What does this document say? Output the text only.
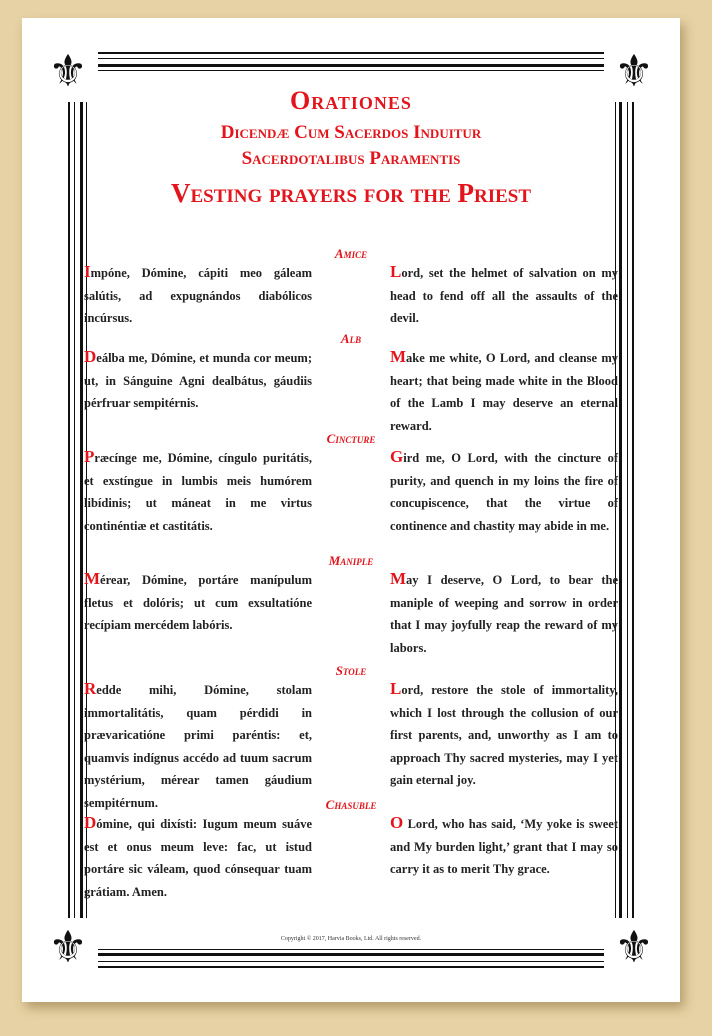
⚜	⚜
⚜	⚜
Orationes
Dicendæ Cum Sacerdos Induitur
Sacerdotalibus Paramentis
Vesting prayers for the Priest
Amice
Impóne, Dómine, cápiti meo gáleam salútis, ad expugnándos diabólicos incúrsus.
Lord, set the helmet of salvation on my head to fend off all the assaults of the devil.
Alb
Deálba me, Dómine, et munda cor meum; ut, in Sánguine Agni dealbátus, gáudiis pérfruar sempitérnis.
Make me white, O Lord, and cleanse my heart; that being made white in the Blood of the Lamb I may deserve an eternal reward.
Cincture
Præcínge me, Dómine, cíngulo puritátis, et exstíngue in lumbis meis humórem libídinis; ut máneat in me virtus continéntiæ et castitátis.
Gird me, O Lord, with the cincture of purity, and quench in my loins the fire of concupiscence, that the virtue of continence and chastity may abide in me.
Maniple
Mérear, Dómine, portáre manípulum fletus et dolóris; ut cum exsultatióne recípiam mercédem labóris.
May I deserve, O Lord, to bear the maniple of weeping and sorrow in order that I may joyfully reap the reward of my labors.
Stole
Redde mihi, Dómine, stolam immortalitátis, quam pérdidi in prævaricatióne primi paréntis: et, quamvis indígnus accédo ad tuum sacrum mystérium, mérear tamen gáudium sempitérnum.
Lord, restore the stole of immortality, which I lost through the collusion of our first parents, and, unworthy as I am to approach Thy sacred mysteries, may I yet gain eternal joy.
Chasuble
Dómine, qui dixísti: Iugum meum suáve est et onus meum leve: fac, ut istud portáre sic váleam, quod cónsequar tuam grátiam. Amen.
O Lord, who has said, ‘My yoke is sweet and My burden light,’ grant that I may so carry it as to merit Thy grace.
Copyright © 2017, Harvia Books, Ltd. All rights reserved.
